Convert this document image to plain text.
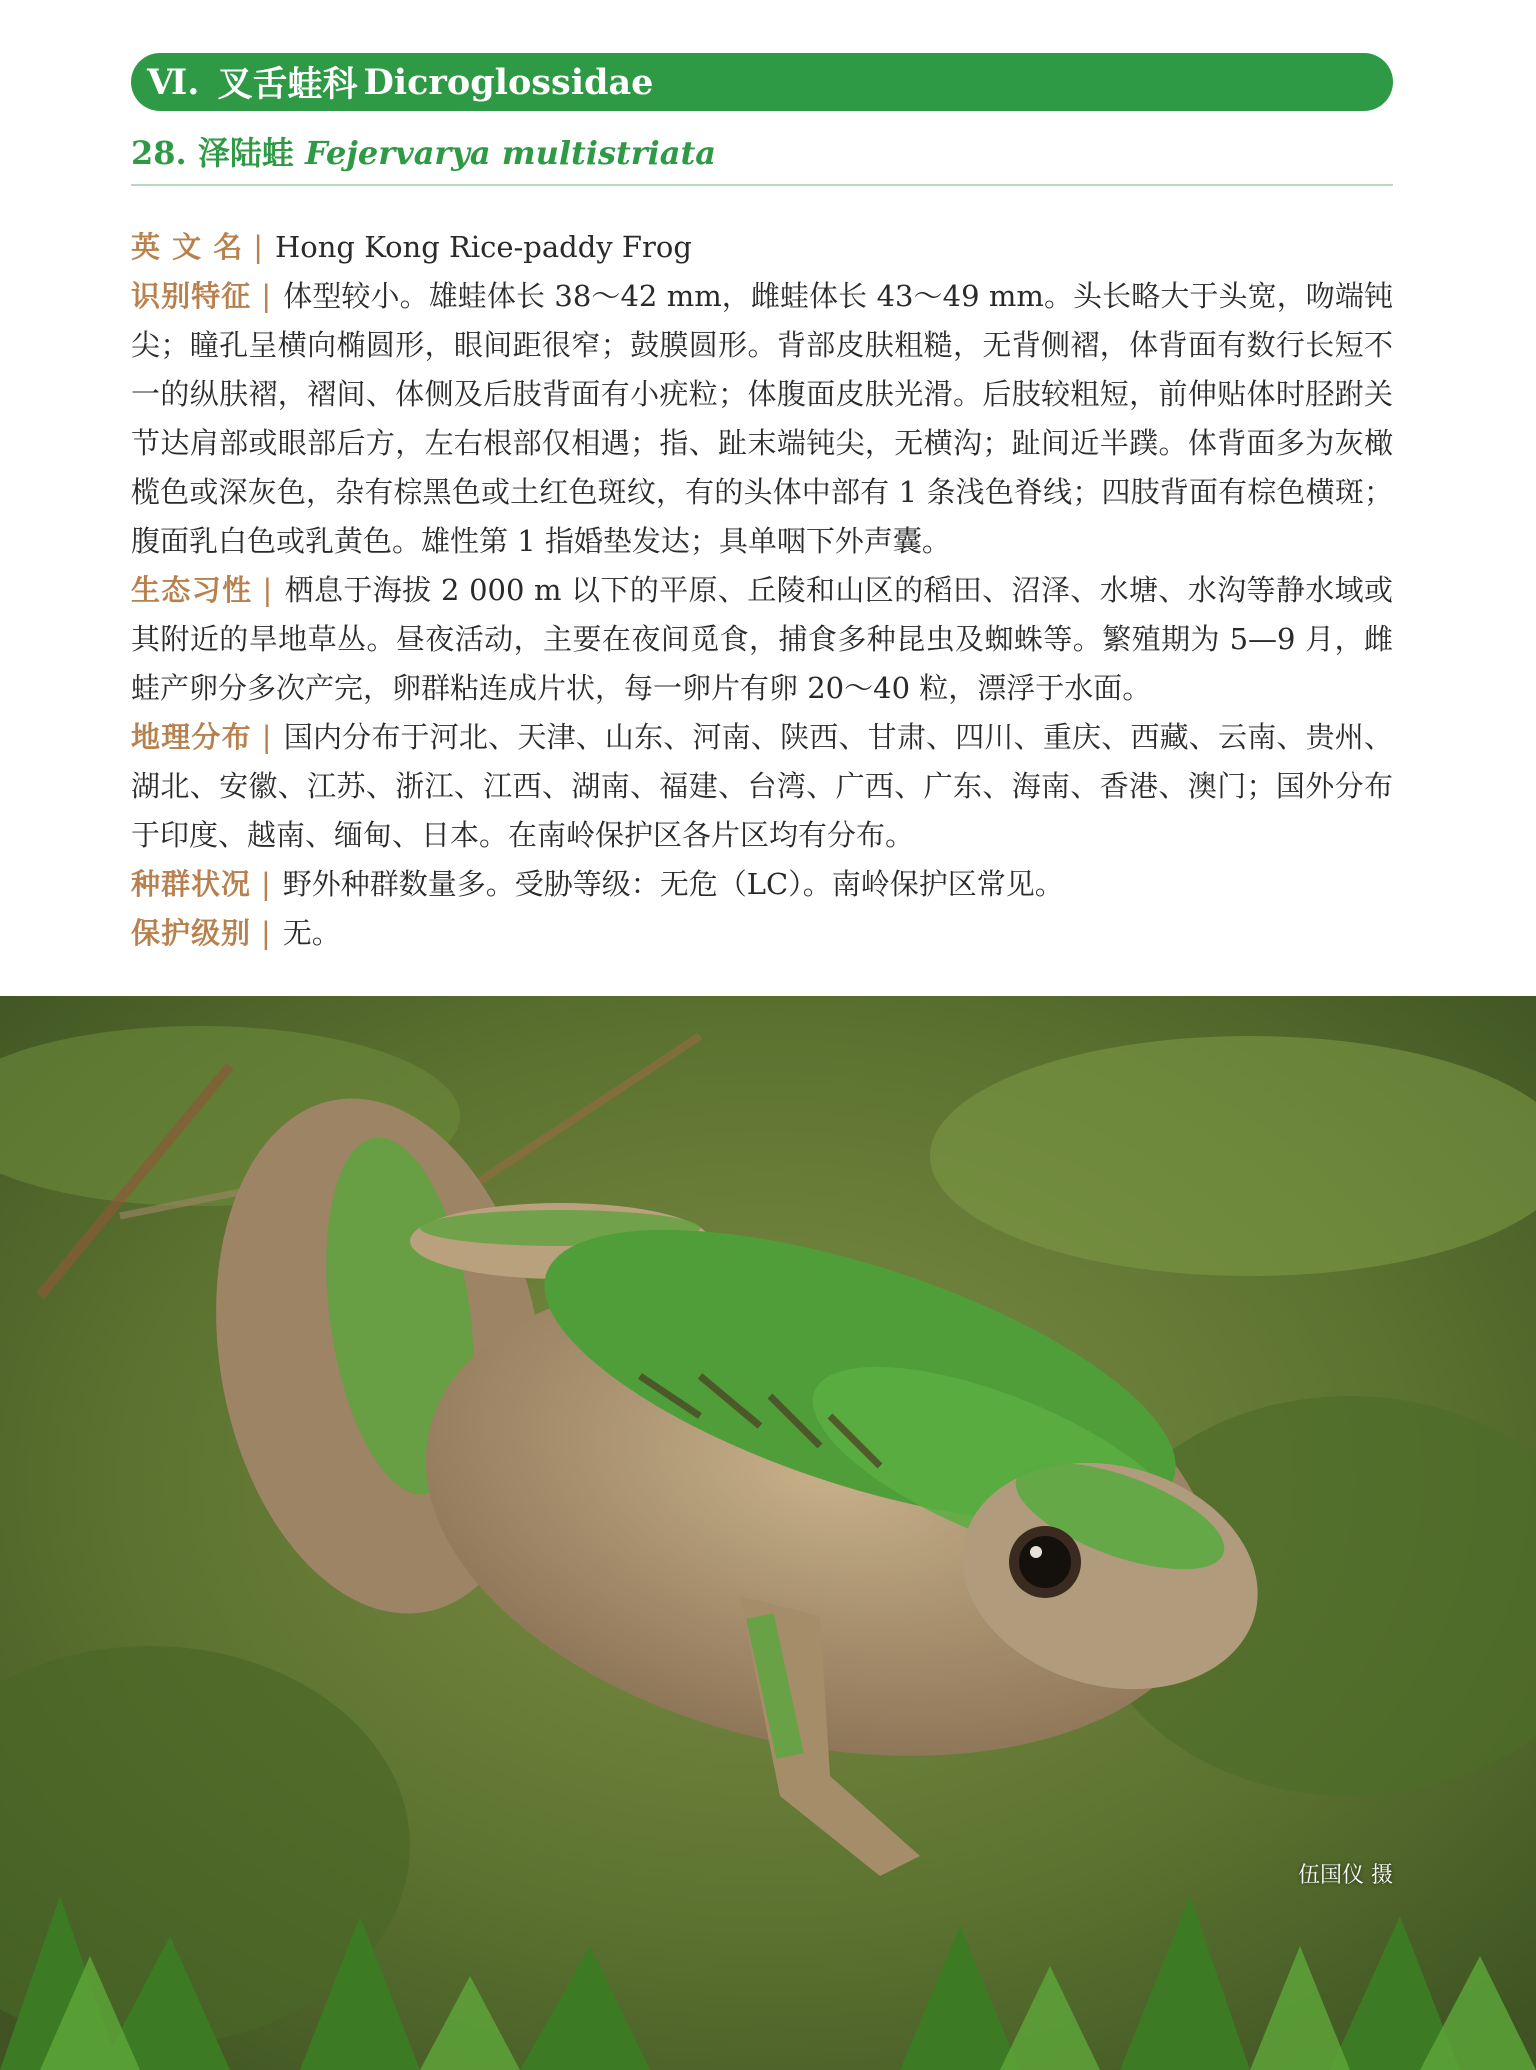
Ⅵ. 叉舌蛙科 Dicroglossidae
28. 泽陆蛙 Fejervarya multistriata

英 文 名 | Hong Kong Rice-paddy Frog

识别特征 | 体型较小。雄蛙体长 38～42 mm，雌蛙体长 43～49 mm。头长略大于头宽，吻端钝尖；瞳孔呈横向椭圆形，眼间距很窄；鼓膜圆形。背部皮肤粗糙，无背侧褶，体背面有数行长短不一的纵肤褶，褶间、体侧及后肢背面有小疣粒；体腹面皮肤光滑。后肢较粗短，前伸贴体时胫跗关节达肩部或眼部后方，左右根部仅相遇；指、趾末端钝尖，无横沟；趾间近半蹼。体背面多为灰橄榄色或深灰色，杂有棕黑色或土红色斑纹，有的头体中部有 1 条浅色脊线；四肢背面有棕色横斑；腹面乳白色或乳黄色。雄性第 1 指婚垫发达；具单咽下外声囊。

生态习性 | 栖息于海拔 2 000 m 以下的平原、丘陵和山区的稻田、沼泽、水塘、水沟等静水域或其附近的旱地草丛。昼夜活动，主要在夜间觅食，捕食多种昆虫及蜘蛛等。繁殖期为 5—9 月，雌蛙产卵分多次产完，卵群粘连成片状，每一卵片有卵 20～40 粒，漂浮于水面。

地理分布 | 国内分布于河北、天津、山东、河南、陕西、甘肃、四川、重庆、西藏、云南、贵州、湖北、安徽、江苏、浙江、江西、湖南、福建、台湾、广西、广东、海南、香港、澳门；国外分布于印度、越南、缅甸、日本。在南岭保护区各片区均有分布。

种群状况 | 野外种群数量多。受胁等级：无危（LC）。南岭保护区常见。

保护级别 | 无。

伍国仪 摄
